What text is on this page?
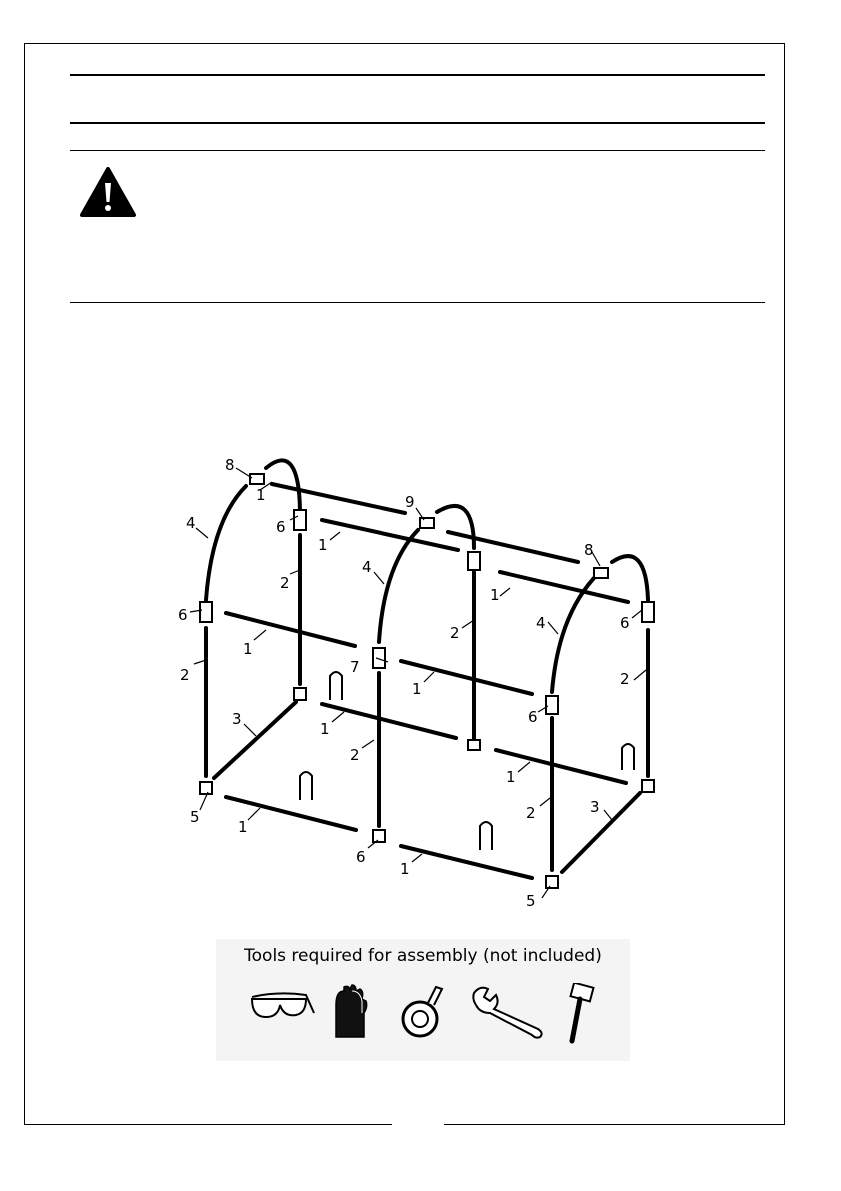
8
1
4	6
6
2
2
1
3
5
1
1
1
4
7
2
6
1
9
1
2
1
1
2
4
6
5
8
6
2
3
Tools required for assembly (not included)
